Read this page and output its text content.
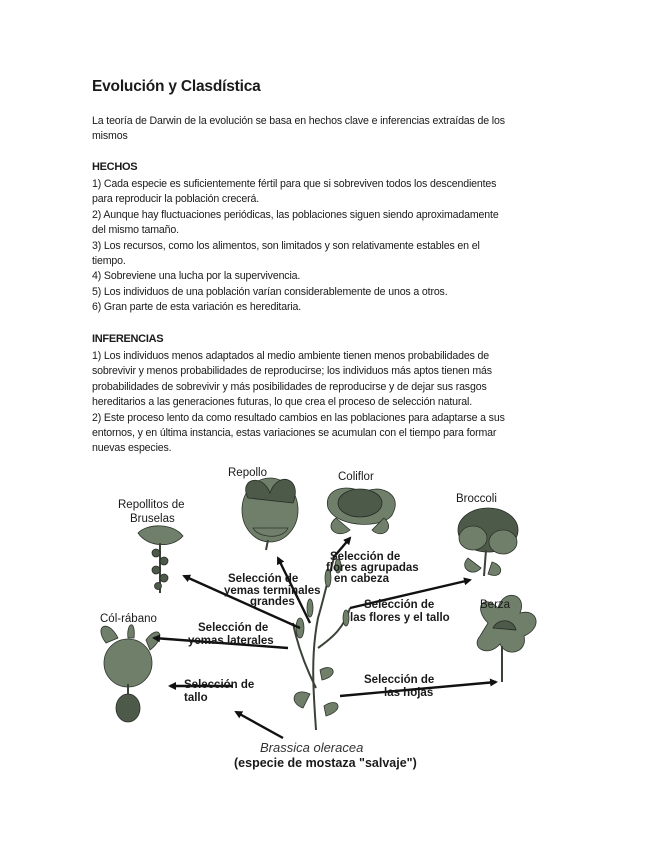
Evolución y Clasdística
La teoría de Darwin de la evolución se basa en hechos clave e inferencias extraídas de los
mismos
HECHOS
1) Cada especie es suficientemente fértil para que si sobreviven todos los descendientes
para reproducir la población crecerá.
2) Aunque hay fluctuaciones periódicas, las poblaciones siguen siendo aproximadamente
del mismo tamaño.
3) Los recursos, como los alimentos, son limitados y son relativamente estables en el
tiempo.
4) Sobreviene una lucha por la supervivencia.
5) Los individuos de una población varían considerablemente de unos a otros.
6) Gran parte de esta variación es hereditaria.
INFERENCIAS
1) Los individuos menos adaptados al medio ambiente tienen menos probabilidades de
sobrevivir y menos probabilidades de reproducirse; los individuos más aptos tienen más
probabilidades de sobrevivir y más posibilidades de reproducirse y de dejar sus rasgos
hereditarios a las generaciones futuras, lo que crea el proceso de selección natural.
2) Este proceso lento da como resultado cambios en las poblaciones para adaptarse a sus
entornos, y en última instancia, estas variaciones se acumulan con el tiempo para formar
nuevas especies.
Repollo	Coliflor
Broccoli
Repollitos de
Bruselas
Cól-rábano
Berza
Selección de
yemas terminales
grandes
Selección de
flores agrupadas
en cabeza
Selección de
las flores y el tallo
Selección de
yemas laterales
Selección de
tallo
Selección de
las hojas
Brassica oleracea
(especie de mostaza "salvaje")
